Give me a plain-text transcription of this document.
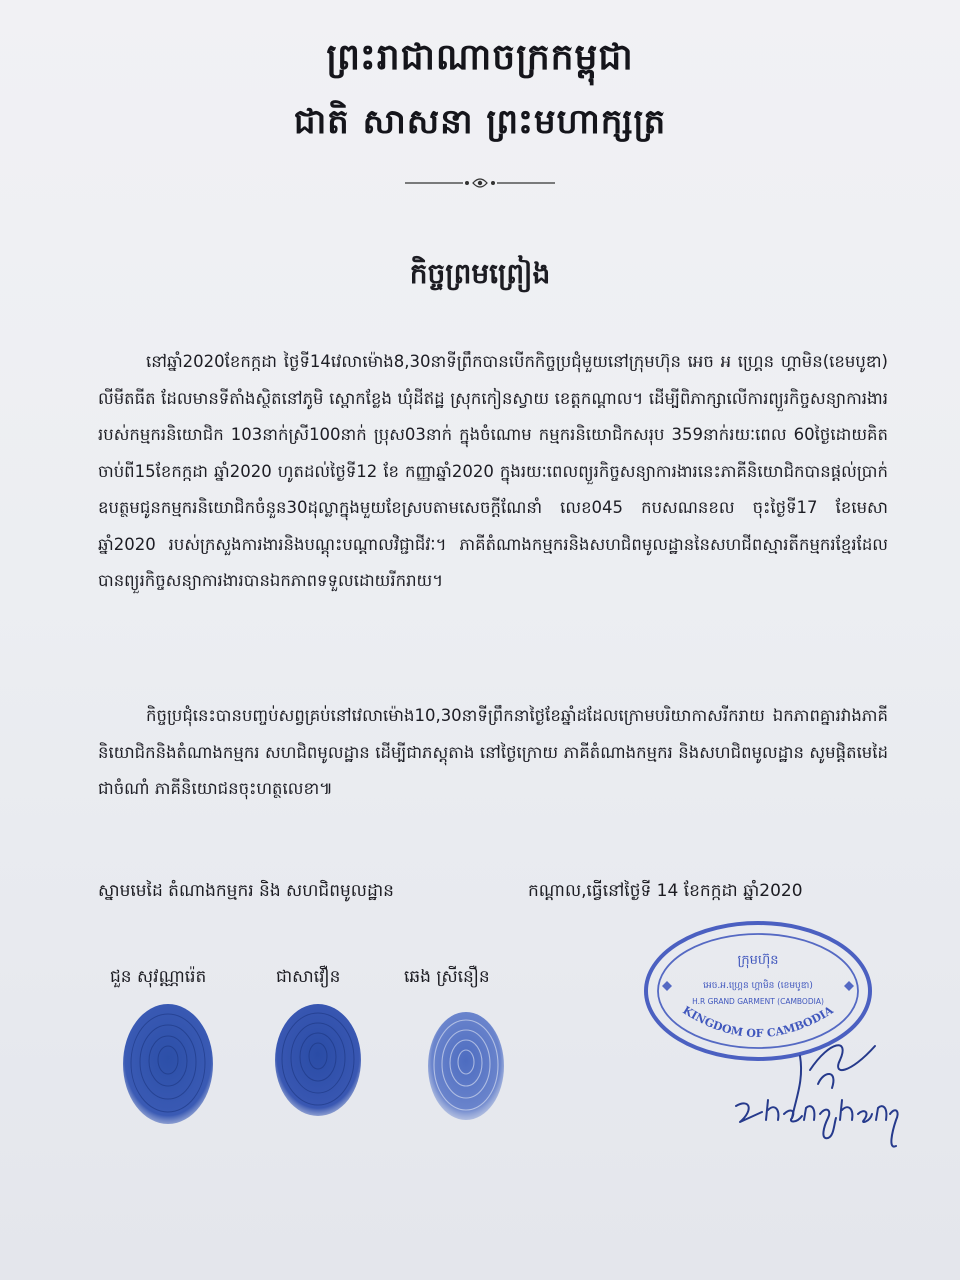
ព្រះរាជាណាចក្រកម្ពុជា
ជាតិ សាសនា ព្រះមហាក្សត្រ
កិច្ចព្រមព្រៀង

នៅឆ្នាំ2020ខែកក្កដា ថ្ងៃទី14វេលាម៉ោង8,30នាទីព្រឹកបានបើកកិច្ចប្រជុំមួយនៅក្រុមហ៊ុន អេច អ ហ្គ្រេន ហ្គាមិន(ខេមបូឌា) លីមីតធីត ដែលមានទីតាំងស្ថិតនៅភូមិ ស្ពោកខ្លែង ឃុំដីឥដ្ឋ ស្រុកកៀនស្វាយ ខេត្តកណ្តាល។ ដើម្បីពិភាក្សាលើការព្យួរកិច្ចសន្យាការងាររបស់កម្មករនិយោជិក 103នាក់ស្រី100នាក់ ប្រុស03នាក់ ក្នុងចំណោម កម្មករនិយោជិកសរុប 359នាក់រយៈពេល 60ថ្ងៃដោយគិតចាប់ពី15ខែកក្កដា ឆ្នាំ2020 ហូតដល់ថ្ងៃទី12 ខែ កញ្ញាឆ្នាំ2020 ក្នុងរយៈពេលព្យួរកិច្ចសន្យាការងារនេះភាគីនិយោជិកបានផ្តល់ប្រាក់ឧបត្ថមជូនកម្មករនិយោជិកចំនួន30ដុល្លាក្នុងមួយខែស្របតាមសេចក្តីណែនាំ លេខ045 កបសណនខល ចុះថ្ងៃទី17 ខែមេសា ឆ្នាំ2020 របស់ក្រសួងការងារនិងបណ្តុះបណ្តាលវិជ្ជាជីវៈ។ ភាគីតំណាងកម្មករនិងសហជិពមូលដ្ឋាននៃសហជីពស្មារតីកម្មករខ្មែរដែលបានព្យួរកិច្ចសន្យាការងារបានឯកភាពទទួលដោយរីករាយ។

កិច្ចប្រជុំនេះបានបញ្ចប់សព្វគ្រប់នៅវេលាម៉ោង10,30នាទីព្រឹកនាថ្ងៃខែឆ្នាំដដែលក្រោមបរិយាកាសរីករាយ ឯកភាពគ្នារវាងភាគីនិយោជិកនិងតំណាងកម្មករ សហជិពមូលដ្ឋាន ដើម្បីជាភស្តុតាង នៅថ្ងៃក្រោយ ភាគីតំណាងកម្មករ និងសហជិពមូលដ្ឋាន សូមផ្តិតមេដៃ ជាចំណាំ ភាគីនិយោជនចុះហត្ថលេខា៕

ស្នាមមេដៃ តំណាងកម្មករ និង សហជិពមូលដ្ឋាន	កណ្តាល,ធ្វើនៅថ្ងៃទី 14 ខែកក្កដា ឆ្នាំ2020
ជួន សុវណ្ណារ៉េត	ជាសាវឿន	ឆេង ស្រីនឿន
ក្រុមហ៊ុន
អេច.អ.ហ្គ្រេន ហ្គាមិន (ខេមបូឌា)
H.R GRAND GARMENT (CAMBODIA)
KINGDOM OF CAMBODIA
Zhenghong
